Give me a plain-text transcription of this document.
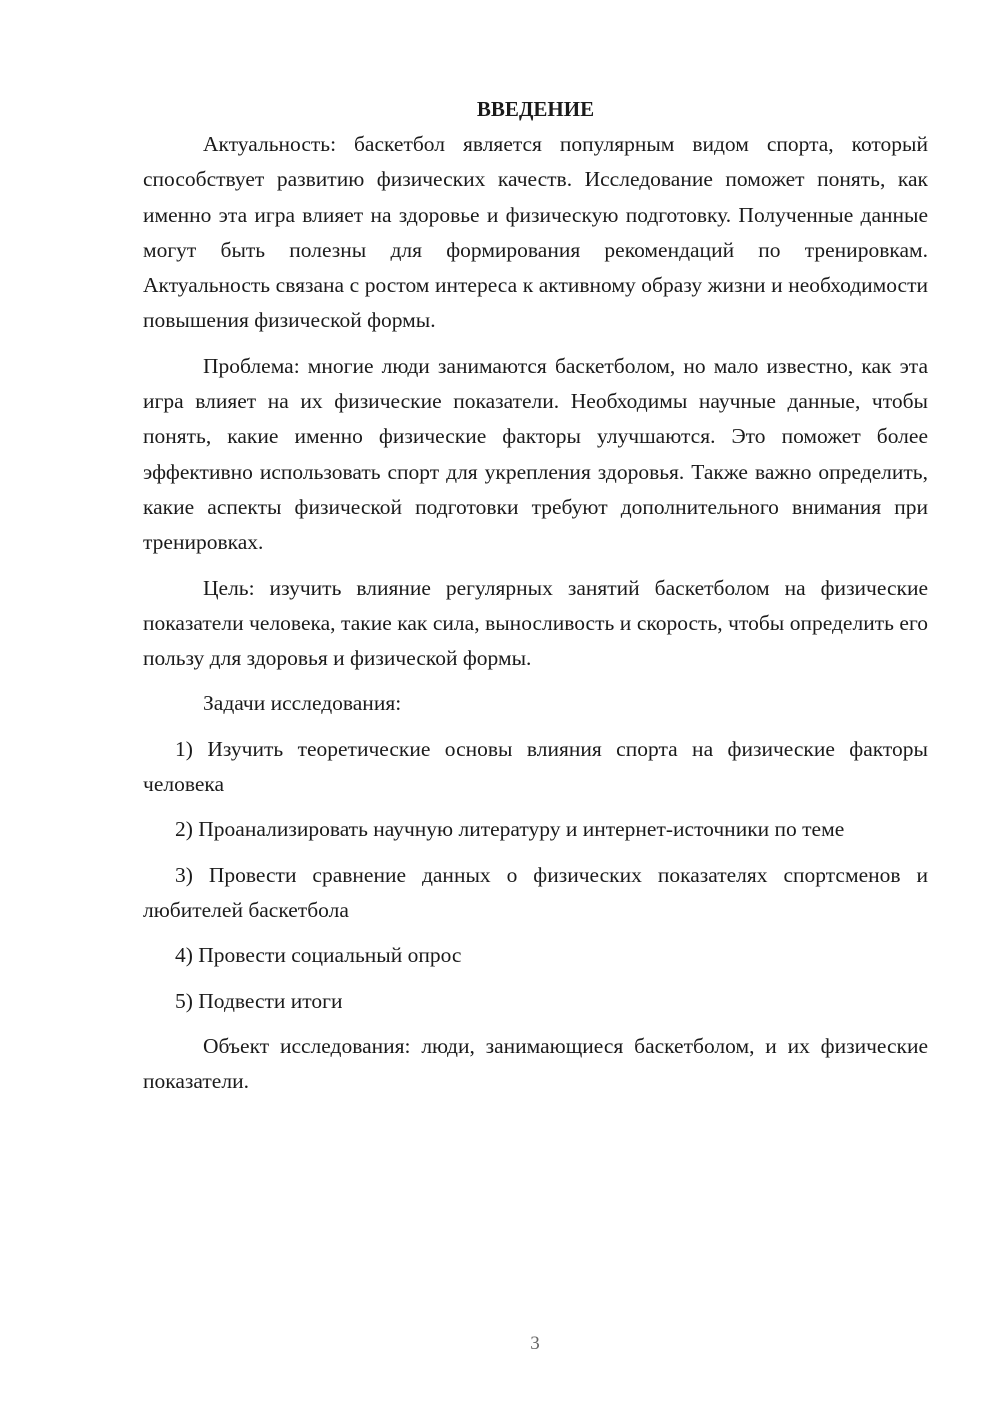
ВВЕДЕНИЕ

Актуальность: баскетбол является популярным видом спорта, который способствует развитию физических качеств. Исследование поможет понять, как именно эта игра влияет на здоровье и физическую подготовку. Полученные данные могут быть полезны для формирования рекомендаций по тренировкам. Актуальность связана с ростом интереса к активному образу жизни и необходимости повышения физической формы.

Проблема: многие люди занимаются баскетболом, но мало известно, как эта игра влияет на их физические показатели. Необходимы научные данные, чтобы понять, какие именно физические факторы улучшаются. Это поможет более эффективно использовать спорт для укрепления здоровья. Также важно определить, какие аспекты физической подготовки требуют дополнительного внимания при тренировках.

Цель: изучить влияние регулярных занятий баскетболом на физические показатели человека, такие как сила, выносливость и скорость, чтобы определить его пользу для здоровья и физической формы.

Задачи исследования:

1) Изучить теоретические основы влияния спорта на физические факторы человека

2) Проанализировать научную литературу и интернет-источники по теме

3) Провести сравнение данных о физических показателях спортсменов и любителей баскетбола

4) Провести социальный опрос

5) Подвести итоги

Объект исследования: люди, занимающиеся баскетболом, и их физические показатели.

3
